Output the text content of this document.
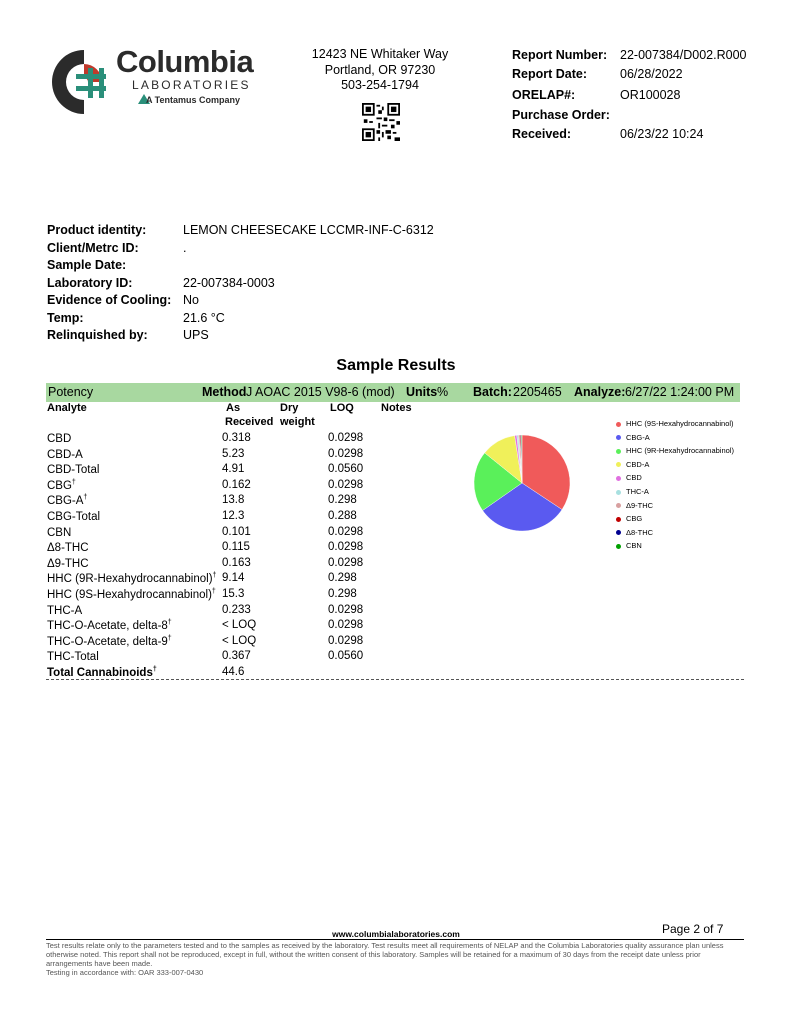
Columbia
LABORATORIES
A Tentamus Company
12423 NE Whitaker Way
Portland, OR 97230
503-254-1794
Report Number: 22-007384/D002.R000
Report Date:	06/28/2022
ORELAP#:	OR100028
Purchase Order:
Received:	06/23/22 10:24
Product identity:	LEMON CHEESECAKE LCCMR-INF-C-6312
Client/Metrc ID:	.
Sample Date:
Laboratory ID:	22-007384-0003
Evidence of Cooling: No
Temp:	21.6 °C
Relinquished by:	UPS
Sample Results
Potency	Method J AOAC 2015 V98-6 (mod) Units % Batch: 2205465 Analyze: 6/27/22 1:24:00 PM
Analyte	As
Received
Dry
weight
LOQ Notes
CBD	0.318	0.0298
CBD-A	5.23	0.0298
CBD-Total	4.91	0.0560
CBG†	0.162	0.0298
CBG-A†	13.8	0.298
CBG-Total	12.3	0.288
CBN	0.101	0.0298
Δ8-THC	0.115	0.0298
Δ9-THC	0.163	0.0298
HHC (9R-Hexahydrocannabinol)† 9.14	0.298
HHC (9S-Hexahydrocannabinol)† 15.3	0.298
THC-A	0.233	0.0298
THC-O-Acetate, delta-8†	< LOQ	0.0298
THC-O-Acetate, delta-9†	< LOQ	0.0298
THC-Total	0.367	0.0560
Total Cannabinoids†	44.6
HHC (9S-Hexahydrocannabinol)
CBG-A
HHC (9R-Hexahydrocannabinol)
CBD-A
CBD
THC-A
Δ9-THC
CBG
Δ8-THC
CBN
Page 2 of 7
www.columbialaboratories.com
Test results relate only to the parameters tested and to the samples as received by the laboratory. Test results meet all requirements of NELAP and the Columbia Laboratories quality assurance plan unless otherwise noted. This report shall not be reproduced, except in full, without the written consent of this laboratory. Samples will be retained for a maximum of 30 days from the receipt date unless prior arrangements have been made.
Testing in accordance with: OAR 333-007-0430
